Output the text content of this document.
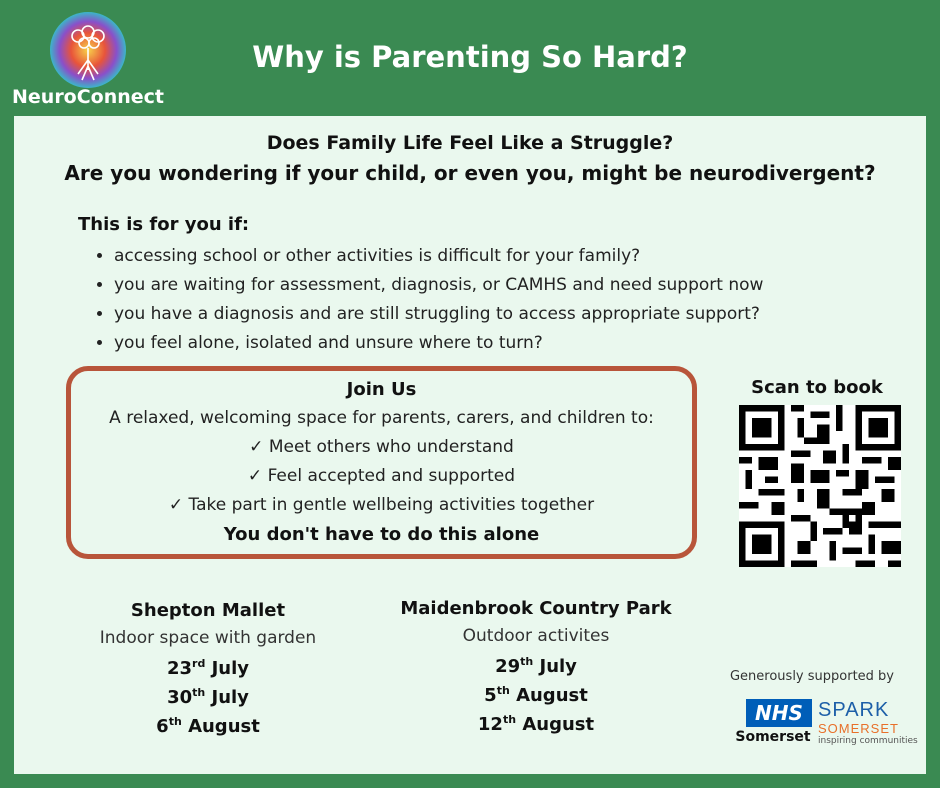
NeuroConnect
Why is Parenting So Hard?
Does Family Life Feel Like a Struggle?
Are you wondering if your child, or even you, might be neurodivergent?
This is for you if:
• accessing school or other activities is difficult for your family?
• you are waiting for assessment, diagnosis, or CAMHS and need support now
• you have a diagnosis and are still struggling to access appropriate support?
• you feel alone, isolated and unsure where to turn?
Join Us
A relaxed, welcoming space for parents, carers, and children to:
✓ Meet others who understand
✓ Feel accepted and supported
✓ Take part in gentle wellbeing activities together
You don't have to do this alone
Scan to book
Shepton Mallet
Indoor space with garden
23rd July
30th July
6th August
Maidenbrook Country Park
Outdoor activites
29th July
5th August
12th August
Generously supported by
NHS
Somerset
SPARK
SOMERSET
inspiring communities
